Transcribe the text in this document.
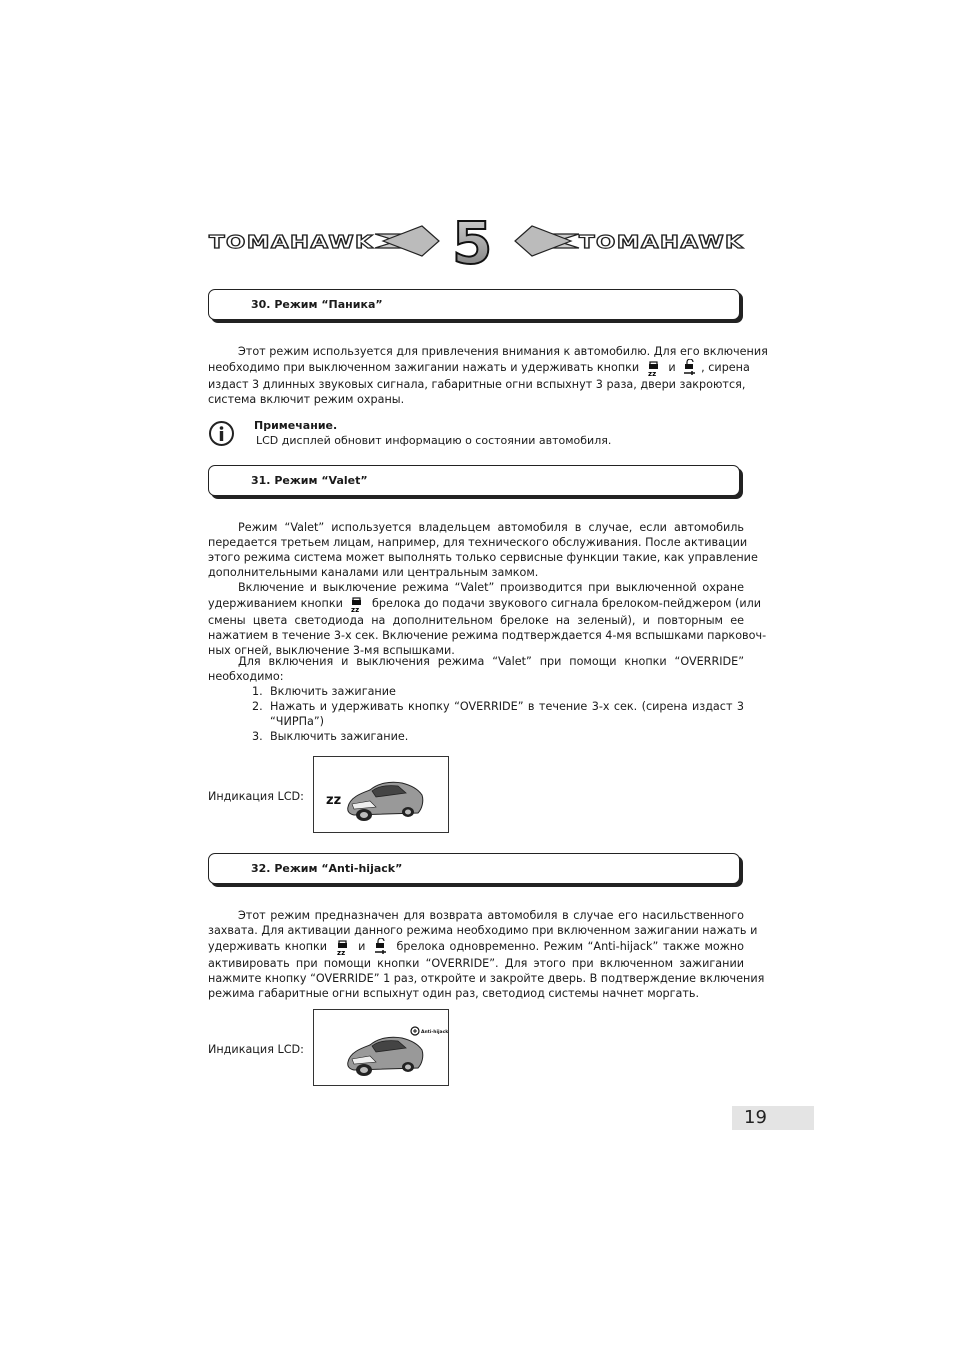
TOMAHAWK 5	TOMAHAWK
30. Режим “Паника”
Этот режим используется для привлечения внимания к автомобилю. Для его включения
необходимо при выключенном зажигании нажать и удерживать кнопки zz и , сирена
издаст 3 длинных звуковых сигнала, габаритные огни вспыхнут 3 раза, двери закроются,
система включит режим охраны.
Примечание.
LCD дисплей обновит информацию о состоянии автомобиля.
31. Режим “Valet”
Режим “Valet” используется владельцем автомобиля в случае, если автомобиль
передается третьем лицам, например, для технического обслуживания. После активации
этого режима система может выполнять только сервисные функции такие, как управление
дополнительными каналами или центральным замком.
Включение и выключение режима “Valet” производится при выключенной охране
удерживанием кнопки zz брелока до подачи звукового сигнала брелоком-пейджером (или
смены цвета светодиода на дополнительном брелоке на зеленый), и повторным ее
нажатием в течение 3-х сек. Включение режима подтверждается 4-мя вспышками парковоч-
ных огней, выключение 3-мя вспышками.
Для включения и выключения режима “Valet” при помощи кнопки “OVERRIDE”
необходимо:
1. Включить зажигание
2. Нажать и удерживать кнопку “OVERRIDE” в течение 3-х сек. (сирена издаст 3
“ЧИРПа”)
3. Выключить зажигание.
Индикация LCD: zz
32. Режим “Anti-hijack”
Этот режим предназначен для возврата автомобиля в случае его насильственного
захвата. Для активации данного режима необходимо при включенном зажигании нажать и
удерживать кнопки zz и	брелока одновременно. Режим “Anti-hijack” также можно
активировать при помощи кнопки “OVERRIDE”. Для этого при включенном зажигании
нажмите кнопку “OVERRIDE” 1 раз, откройте и закройте дверь. В подтверждение включения
режима габаритные огни вспыхнут один раз, светодиод системы начнет моргать.
Индикация LCD:
Anti-hijack
19
